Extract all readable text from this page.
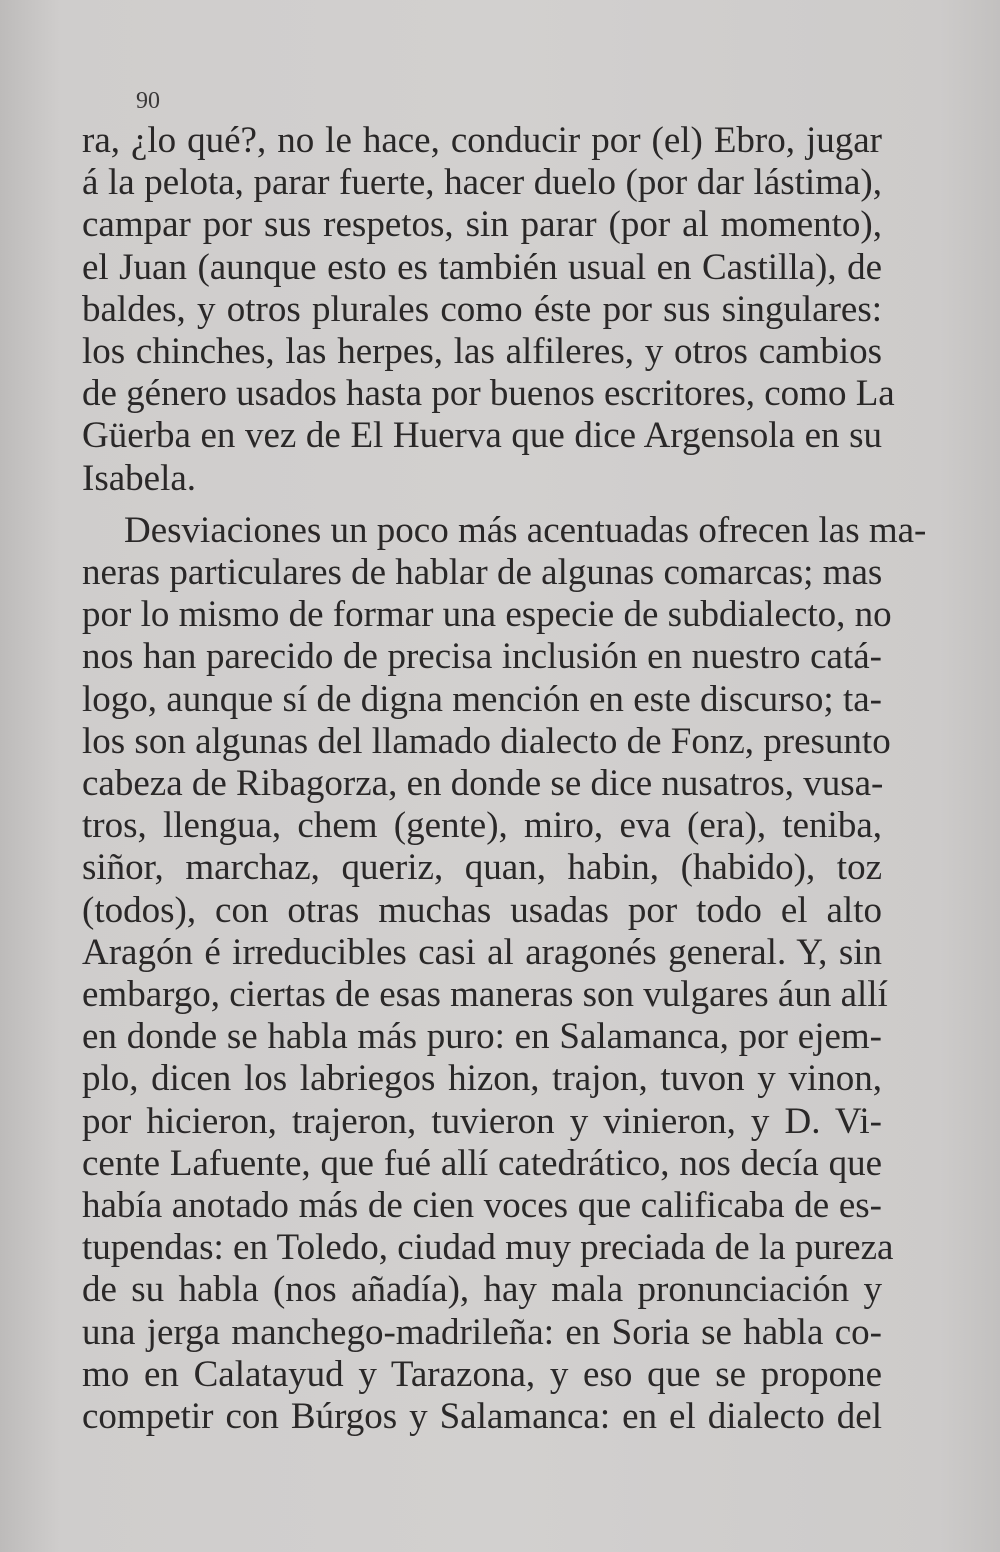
90
ra, ¿lo qué?, no le hace, conducir por (el) Ebro, jugar
á la pelota, parar fuerte, hacer duelo (por dar lástima),
campar por sus respetos, sin parar (por al momento),
el Juan (aunque esto es también usual en Castilla), de
baldes, y otros plurales como éste por sus singulares:
los chinches, las herpes, las alfileres, y otros cambios
de género usados hasta por buenos escritores, como La
Güerba en vez de El Huerva que dice Argensola en su
Isabela.
Desviaciones un poco más acentuadas ofrecen las ma-
neras particulares de hablar de algunas comarcas; mas
por lo mismo de formar una especie de subdialecto, no
nos han parecido de precisa inclusión en nuestro catá-
logo, aunque sí de digna mención en este discurso; ta-
los son algunas del llamado dialecto de Fonz, presunto
cabeza de Ribagorza, en donde se dice nusatros, vusa-
tros, llengua, chem (gente), miro, eva (era), teniba,
siñor, marchaz, queriz, quan, habin, (habido), toz
(todos), con otras muchas usadas por todo el alto
Aragón é irreducibles casi al aragonés general. Y, sin
embargo, ciertas de esas maneras son vulgares áun allí
en donde se habla más puro: en Salamanca, por ejem-
plo, dicen los labriegos hizon, trajon, tuvon y vinon,
por hicieron, trajeron, tuvieron y vinieron, y D. Vi-
cente Lafuente, que fué allí catedrático, nos decía que
había anotado más de cien voces que calificaba de es-
tupendas: en Toledo, ciudad muy preciada de la pureza
de su habla (nos añadía), hay mala pronunciación y
una jerga manchego-madrileña: en Soria se habla co-
mo en Calatayud y Tarazona, y eso que se propone
competir con Búrgos y Salamanca: en el dialecto del
